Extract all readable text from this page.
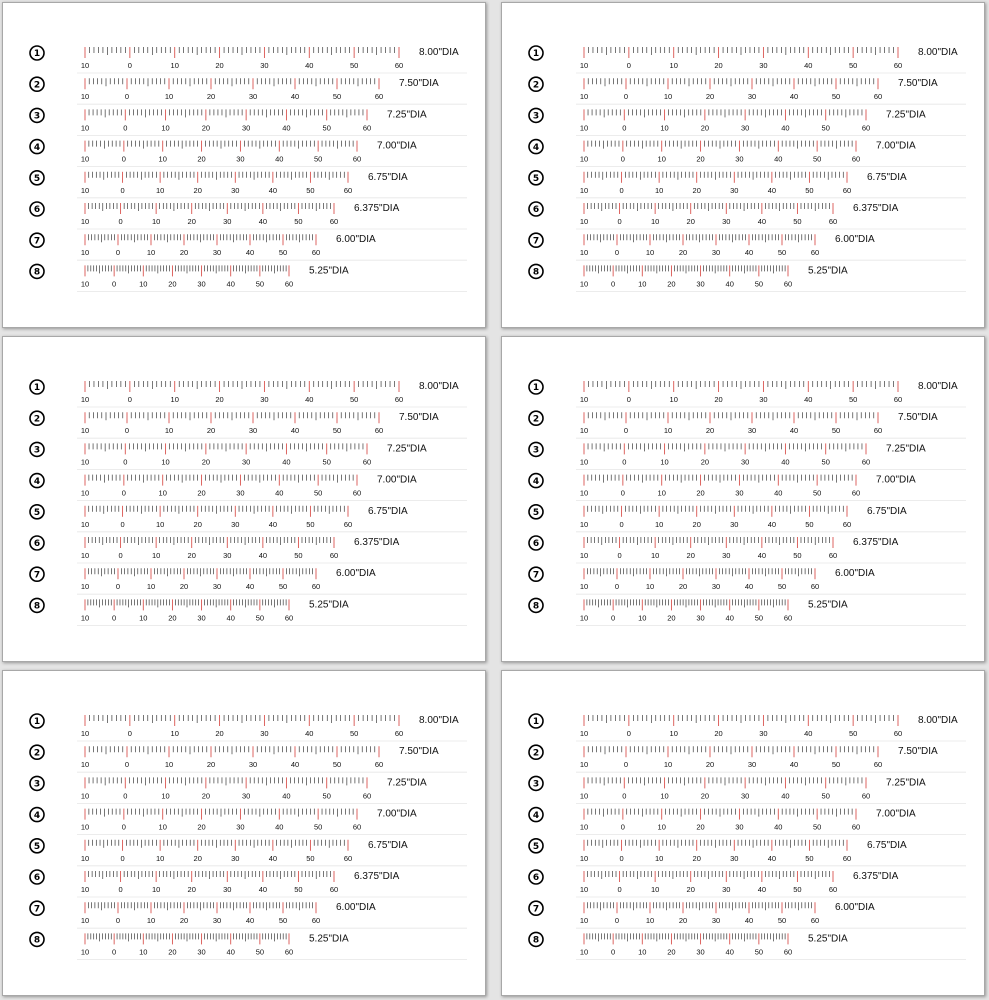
1
10	0	10	20	30	40	50	60
8.00"DIA
2
10	0	10	20	30	40	50	60
7.50"DIA
3
10	0	10	20	30	40	50	60
7.25"DIA
4
10	0	10	20	30	40	50	60
7.00"DIA
5
10	0	10	20	30	40	50	60
6.75"DIA
6
10	0	10	20	30	40	50	60
6.375"DIA
7
10	0	10	20	30	40	50	60
6.00"DIA
8
10	0	10	20	30	40	50	60
5.25"DIA
1
10	0	10	20	30	40	50	60
8.00"DIA
2
10	0	10	20	30	40	50	60
7.50"DIA
3
10	0	10	20	30	40	50	60
7.25"DIA
4
10	0	10	20	30	40	50	60
7.00"DIA
5
10	0	10	20	30	40	50	60
6.75"DIA
6
10	0	10	20	30	40	50	60
6.375"DIA
7
10	0	10	20	30	40	50	60
6.00"DIA
8
10	0	10	20	30	40	50	60
5.25"DIA
1
10	0	10	20	30	40	50	60
8.00"DIA
2
10	0	10	20	30	40	50	60
7.50"DIA
3
10	0	10	20	30	40	50	60
7.25"DIA
4
10	0	10	20	30	40	50	60
7.00"DIA
5
10	0	10	20	30	40	50	60
6.75"DIA
6
10	0	10	20	30	40	50	60
6.375"DIA
7
10	0	10	20	30	40	50	60
6.00"DIA
8
10	0	10	20	30	40	50	60
5.25"DIA
1
10	0	10	20	30	40	50	60
8.00"DIA
2
10	0	10	20	30	40	50	60
7.50"DIA
3
10	0	10	20	30	40	50	60
7.25"DIA
4
10	0	10	20	30	40	50	60
7.00"DIA
5
10	0	10	20	30	40	50	60
6.75"DIA
6
10	0	10	20	30	40	50	60
6.375"DIA
7
10	0	10	20	30	40	50	60
6.00"DIA
8
10	0	10	20	30	40	50	60
5.25"DIA
1
10	0	10	20	30	40	50	60
8.00"DIA
2
10	0	10	20	30	40	50	60
7.50"DIA
3
10	0	10	20	30	40	50	60
7.25"DIA
4
10	0	10	20	30	40	50	60
7.00"DIA
5
10	0	10	20	30	40	50	60
6.75"DIA
6
10	0	10	20	30	40	50	60
6.375"DIA
7
10	0	10	20	30	40	50	60
6.00"DIA
8
10	0	10	20	30	40	50	60
5.25"DIA
1
10	0	10	20	30	40	50	60
8.00"DIA
2
10	0	10	20	30	40	50	60
7.50"DIA
3
10	0	10	20	30	40	50	60
7.25"DIA
4
10	0	10	20	30	40	50	60
7.00"DIA
5
10	0	10	20	30	40	50	60
6.75"DIA
6
10	0	10	20	30	40	50	60
6.375"DIA
7
10	0	10	20	30	40	50	60
6.00"DIA
8
10	0	10	20	30	40	50	60
5.25"DIA
